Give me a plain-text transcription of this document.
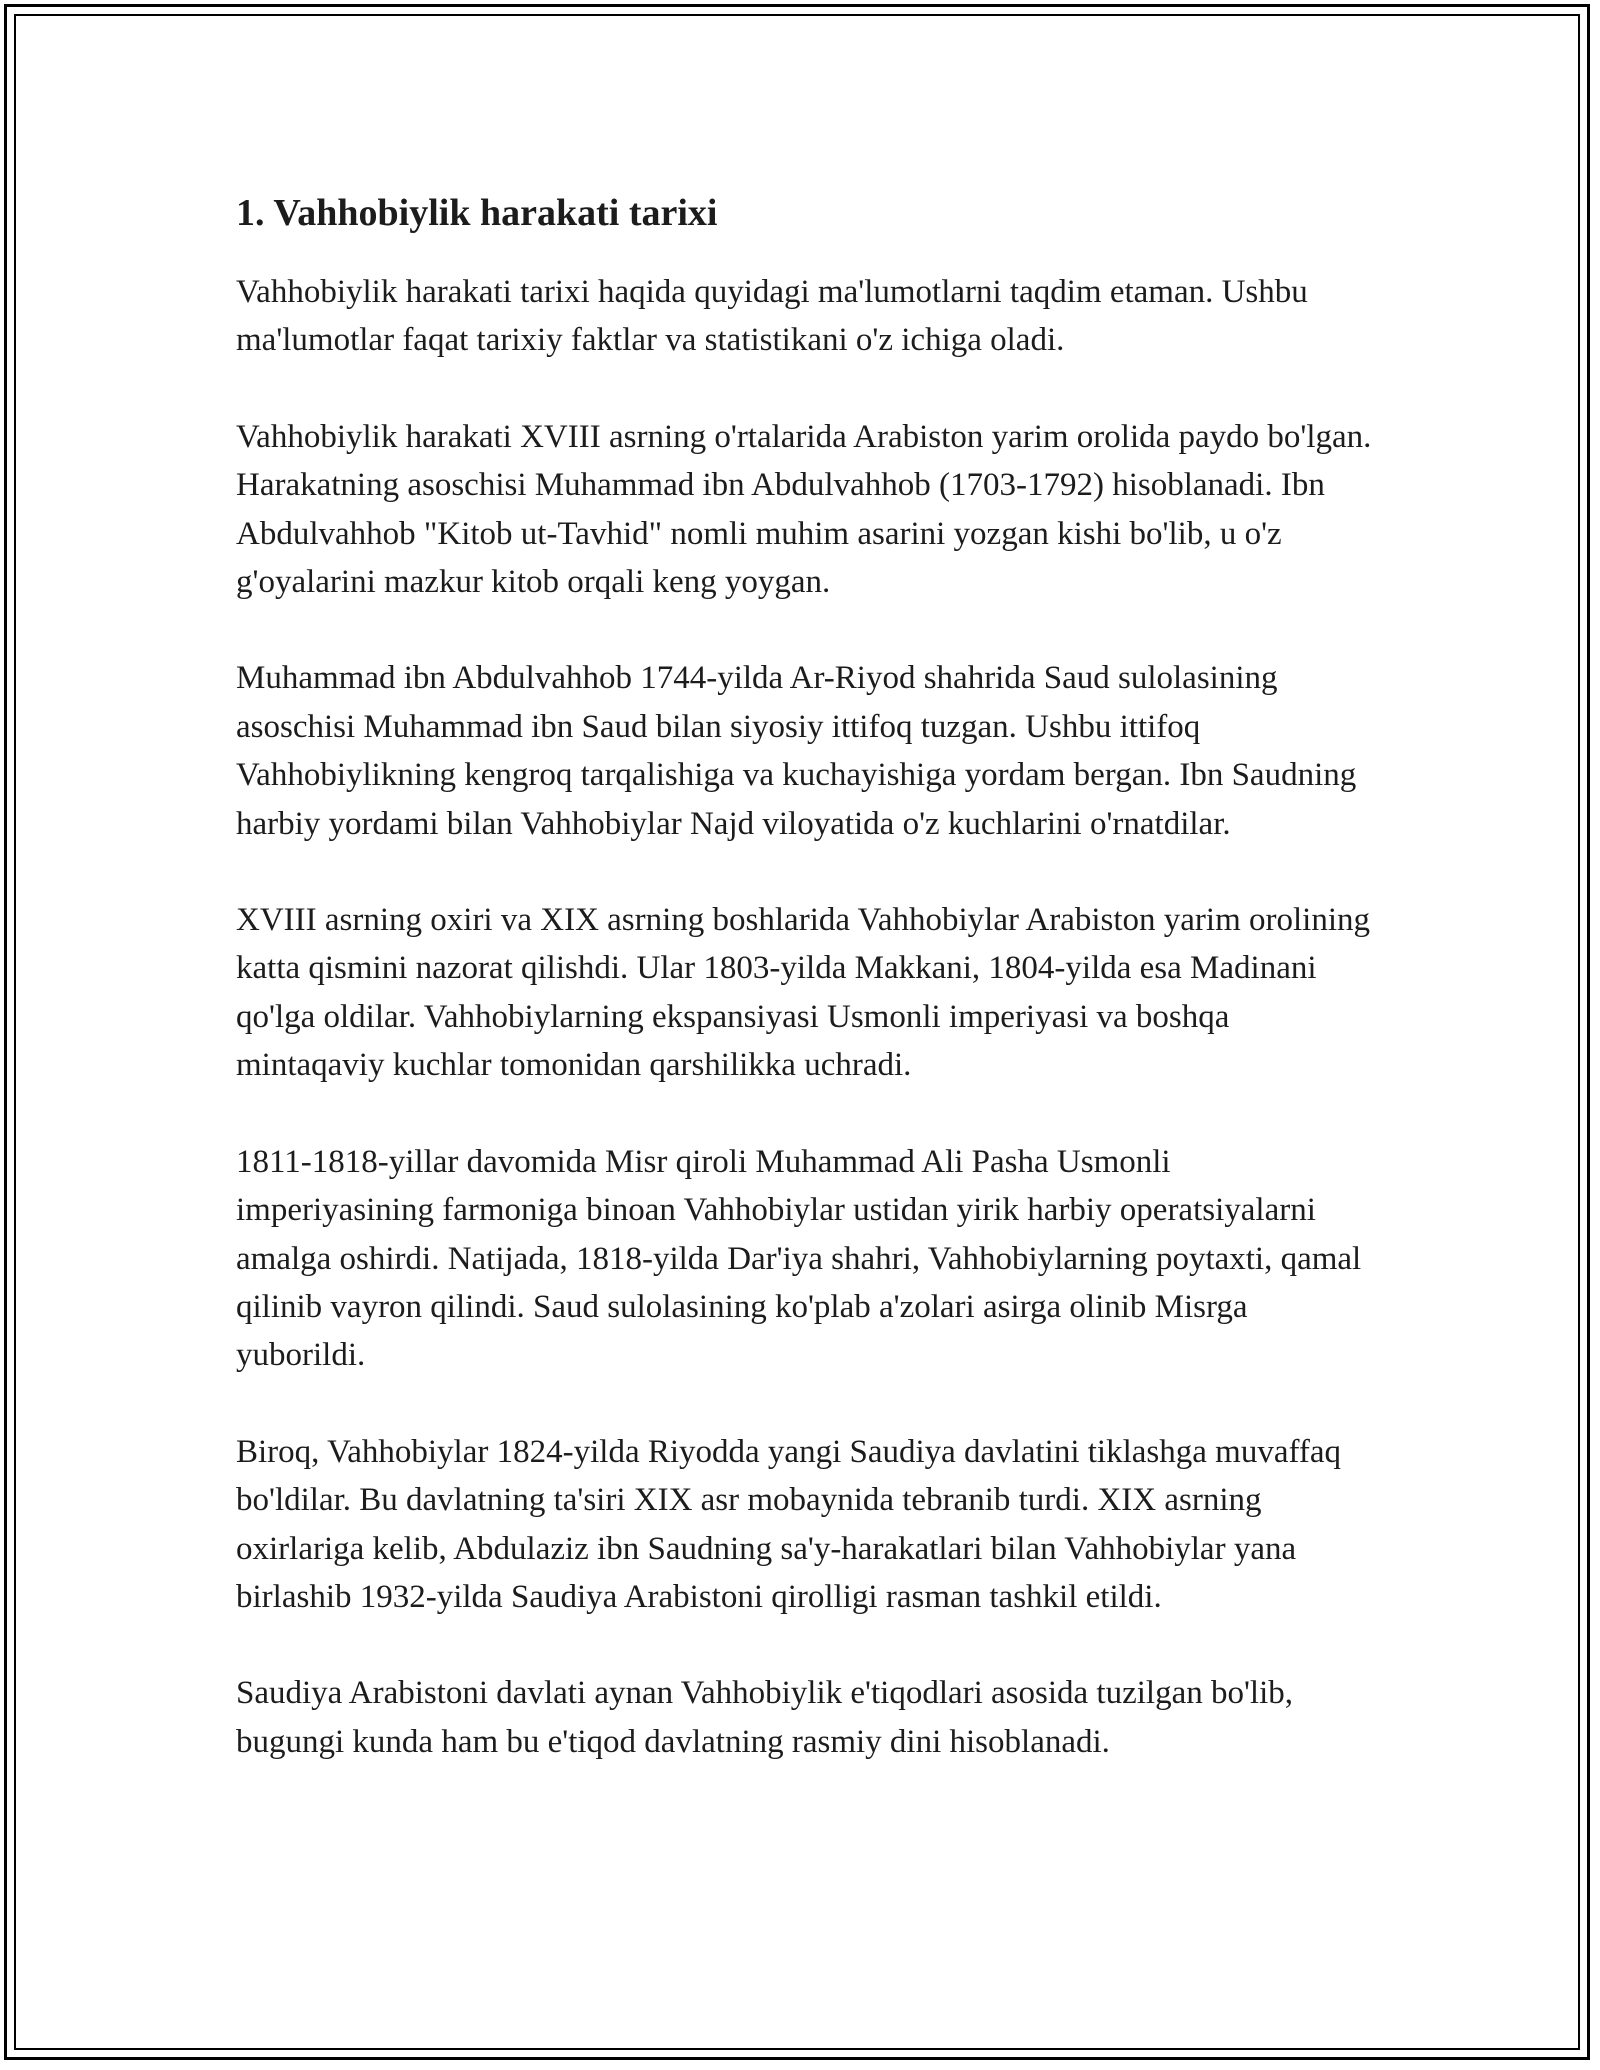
1. Vahhobiylik harakati tarixi

Vahhobiylik harakati tarixi haqida quyidagi ma'lumotlarni taqdim etaman. Ushbu ma'lumotlar faqat tarixiy faktlar va statistikani o'z ichiga oladi.

Vahhobiylik harakati XVIII asrning o'rtalarida Arabiston yarim orolida paydo bo'lgan. Harakatning asoschisi Muhammad ibn Abdulvahhob (1703-1792) hisoblanadi. Ibn Abdulvahhob "Kitob ut-Tavhid" nomli muhim asarini yozgan kishi bo'lib, u o'z g'oyalarini mazkur kitob orqali keng yoygan.

Muhammad ibn Abdulvahhob 1744-yilda Ar-Riyod shahrida Saud sulolasining asoschisi Muhammad ibn Saud bilan siyosiy ittifoq tuzgan. Ushbu ittifoq Vahhobiylikning kengroq tarqalishiga va kuchayishiga yordam bergan. Ibn Saudning harbiy yordami bilan Vahhobiylar Najd viloyatida o'z kuchlarini o'rnatdilar.

XVIII asrning oxiri va XIX asrning boshlarida Vahhobiylar Arabiston yarim orolining katta qismini nazorat qilishdi. Ular 1803-yilda Makkani, 1804-yilda esa Madinani qo'lga oldilar. Vahhobiylarning ekspansiyasi Usmonli imperiyasi va boshqa mintaqaviy kuchlar tomonidan qarshilikka uchradi.

1811-1818-yillar davomida Misr qiroli Muhammad Ali Pasha Usmonli imperiyasining farmoniga binoan Vahhobiylar ustidan yirik harbiy operatsiyalarni amalga oshirdi. Natijada, 1818-yilda Dar'iya shahri, Vahhobiylarning poytaxti, qamal qilinib vayron qilindi. Saud sulolasining ko'plab a'zolari asirga olinib Misrga yuborildi.

Biroq, Vahhobiylar 1824-yilda Riyodda yangi Saudiya davlatini tiklashga muvaffaq bo'ldilar. Bu davlatning ta'siri XIX asr mobaynida tebranib turdi. XIX asrning oxirlariga kelib, Abdulaziz ibn Saudning sa'y-harakatlari bilan Vahhobiylar yana birlashib 1932-yilda Saudiya Arabistoni qirolligi rasman tashkil etildi.

Saudiya Arabistoni davlati aynan Vahhobiylik e'tiqodlari asosida tuzilgan bo'lib, bugungi kunda ham bu e'tiqod davlatning rasmiy dini hisoblanadi.
